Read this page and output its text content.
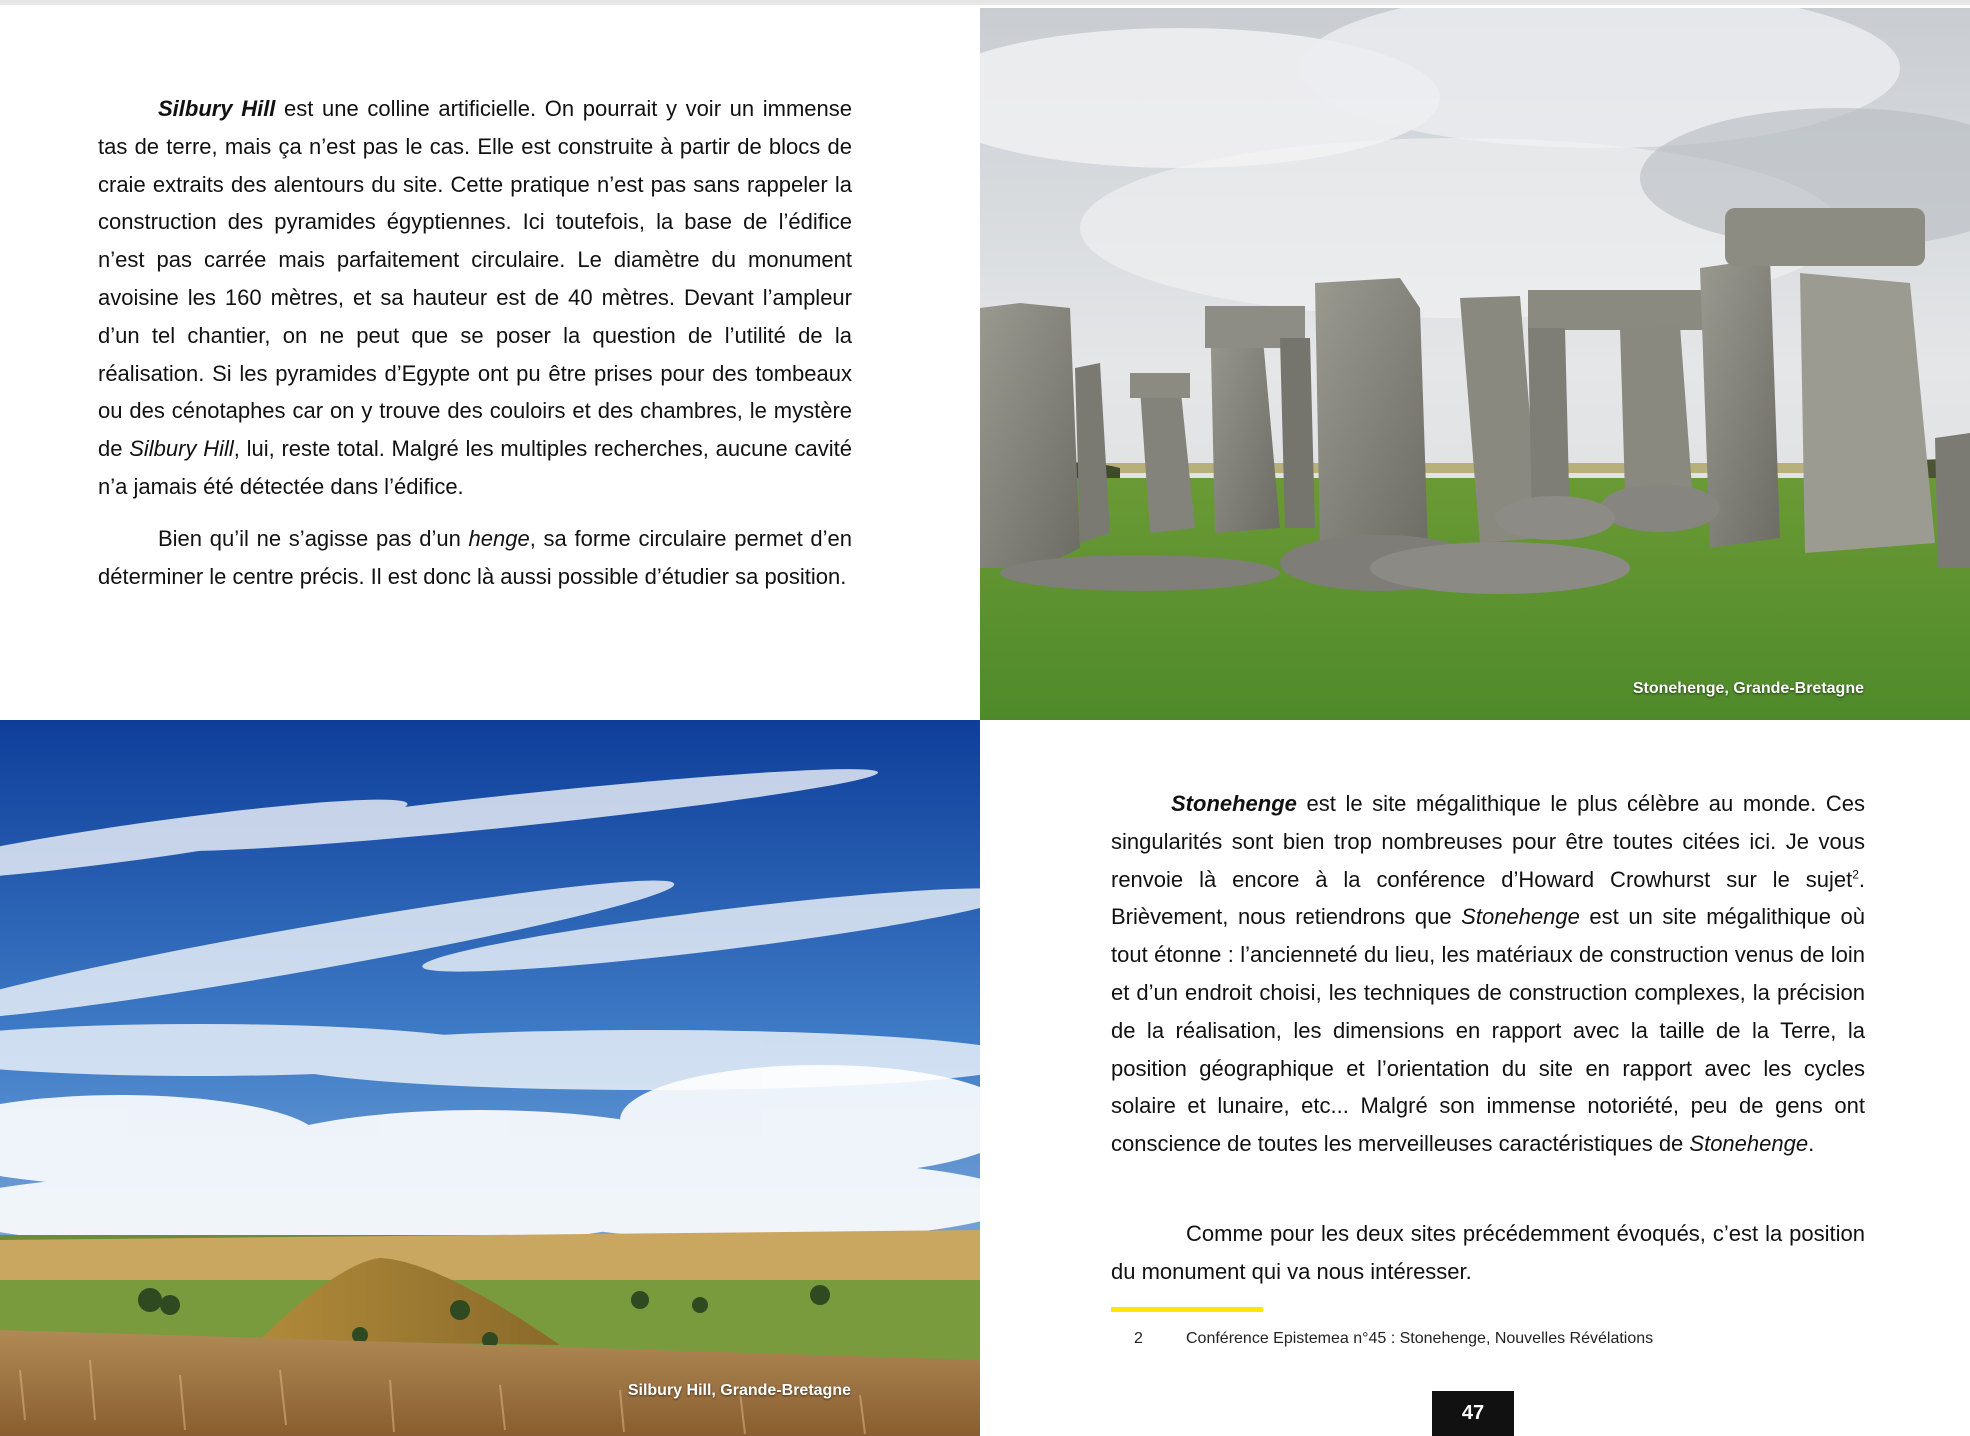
Silbury Hill est une colline artificielle. On pourrait y voir un immense tas de terre, mais ça n’est pas le cas. Elle est construite à partir de blocs de craie extraits des alentours du site. Cette pratique n’est pas sans rappeler la construction des pyramides égyptiennes. Ici toutefois, la base de l’édifice n’est pas carrée mais parfaitement circulaire. Le diamètre du monument avoisine les 160 mètres, et sa hauteur est de 40 mètres. Devant l’ampleur d’un tel chantier, on ne peut que se poser la question de l’utilité de la réalisation. Si les pyramides d’Egypte ont pu être prises pour des tombeaux ou des cénotaphes car on y trouve des couloirs et des chambres, le mystère de Silbury Hill, lui, reste total. Malgré les multiples recherches, aucune cavité n’a jamais été détectée dans l’édifice.

Bien qu’il ne s’agisse pas d’un henge, sa forme circulaire permet d’en déterminer le centre précis. Il est donc là aussi possible d’étudier sa position.

Stonehenge, Grande-Bretagne
Silbury Hill, Grande-Bretagne

Stonehenge est le site mégalithique le plus célèbre au monde. Ces singularités sont bien trop nombreuses pour être toutes citées ici. Je vous renvoie là encore à la conférence d’Howard Crowhurst sur le sujet$^2$. Brièvement, nous retiendrons que Stonehenge est un site mégalithique où tout étonne : l’ancienneté du lieu, les matériaux de construction venus de loin et d’un endroit choisi, les techniques de construction complexes, la précision de la réalisation, les dimensions en rapport avec la taille de la Terre, la position géographique et l’orientation du site en rapport avec les cycles solaire et lunaire, etc... Malgré son immense notoriété, peu de gens ont conscience de toutes les merveilleuses caractéristiques de Stonehenge.

Comme pour les deux sites précédemment évoqués, c’est la position du monument qui va nous intéresser.

2	Conférence Epistemea n°45 : Stonehenge, Nouvelles Révélations
47
